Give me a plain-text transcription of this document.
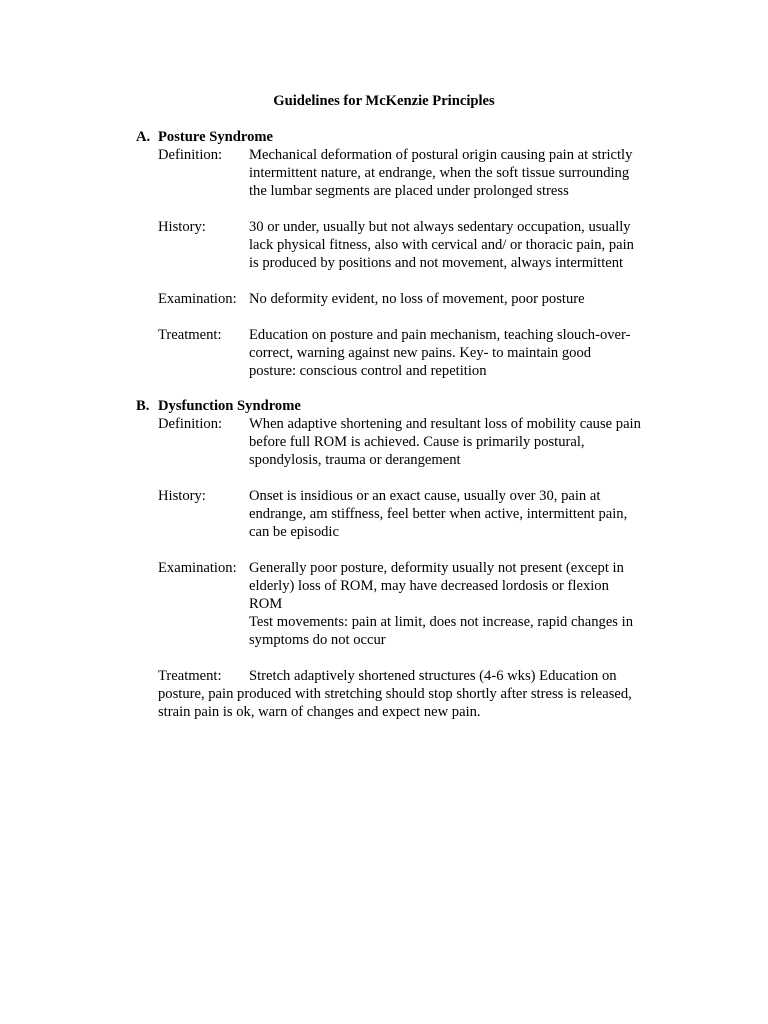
Guidelines for McKenzie Principles
A. Posture Syndrome
Definition:	Mechanical deformation of postural origin causing pain at strictly
intermittent nature, at endrange, when the soft tissue surrounding
the lumbar segments are placed under prolonged stress
History:	30 or under, usually but not always sedentary occupation, usually
lack physical fitness, also with cervical and/ or thoracic pain, pain
is produced by positions and not movement, always intermittent
Examination: No deformity evident, no loss of movement, poor posture
Treatment:	Education on posture and pain mechanism, teaching slouch-over-
correct, warning against new pains. Key- to maintain good
posture: conscious control and repetition
B. Dysfunction Syndrome
Definition:	When adaptive shortening and resultant loss of mobility cause pain
before full ROM is achieved. Cause is primarily postural,
spondylosis, trauma or derangement
History:	Onset is insidious or an exact cause, usually over 30, pain at
endrange, am stiffness, feel better when active, intermittent pain,
can be episodic
Examination: Generally poor posture, deformity usually not present (except in
elderly) loss of ROM, may have decreased lordosis or flexion
ROM
Test movements: pain at limit, does not increase, rapid changes in
symptoms do not occur
Treatment: Stretch adaptively shortened structures (4-6 wks) Education on
posture, pain produced with stretching should stop shortly after stress is released,
strain pain is ok, warn of changes and expect new pain.
